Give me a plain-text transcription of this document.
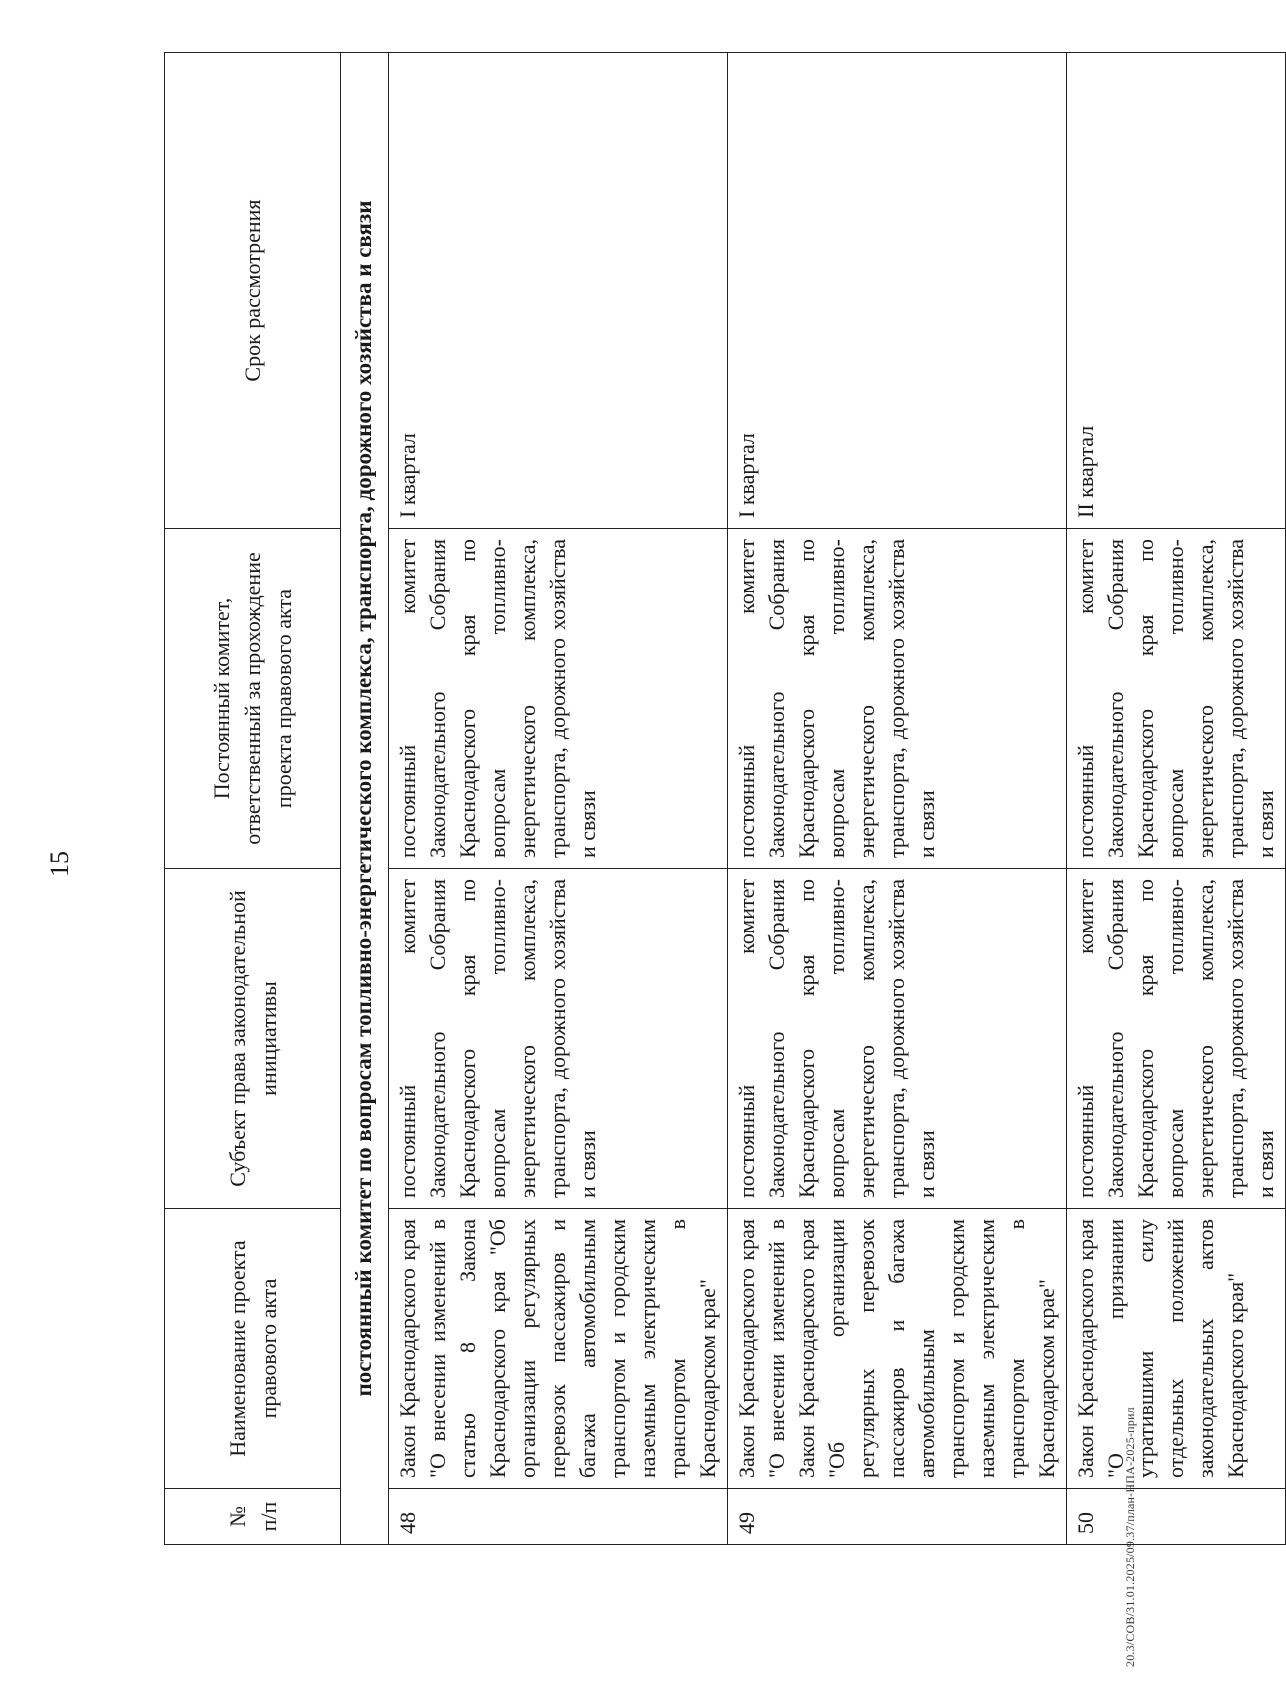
15
№ п/п	Наименование проекта правового акта	Субъект права законодательной инициативы	Постоянный комитет, ответственный за прохождение проекта правового акта	Срок рассмотрения
постоянный комитет по вопросам топливно-энергетического комплекса, транспорта, дорожного хозяйства и связи				
48	Закон Краснодарского края "О внесении изменений в статью 8 Закона Краснодарского края "Об организации регулярных перевозок пассажиров и багажа автомобильным транспортом и городским наземным электрическим транспортом в Краснодарском крае"	постоянный комитет Законодательного Собрания Краснодарского края по вопросам топливно-энергетического комплекса, транспорта, дорожного хозяйства и связи	постоянный комитет Законодательного Собрания Краснодарского края по вопросам топливно-энергетического комплекса, транспорта, дорожного хозяйства и связи	I квартал
49	Закон Краснодарского края "О внесении изменений в Закон Краснодарского края "Об организации регулярных перевозок пассажиров и багажа автомобильным транспортом и городским наземным электрическим транспортом в Краснодарском крае"	постоянный комитет Законодательного Собрания Краснодарского края по вопросам топливно-энергетического комплекса, транспорта, дорожного хозяйства и связи	постоянный комитет Законодательного Собрания Краснодарского края по вопросам топливно-энергетического комплекса, транспорта, дорожного хозяйства и связи	I квартал
50	Закон Краснодарского края "О признании утратившими силу отдельных положений законодательных актов Краснодарского края"	постоянный комитет Законодательного Собрания Краснодарского края по вопросам топливно-энергетического комплекса, транспорта, дорожного хозяйства и связи	постоянный комитет Законодательного Собрания Краснодарского края по вопросам топливно-энергетического комплекса, транспорта, дорожного хозяйства и связи	II квартал
20.3/СОВ/31.01.2025/09.37/план-НПА-2025-прил
